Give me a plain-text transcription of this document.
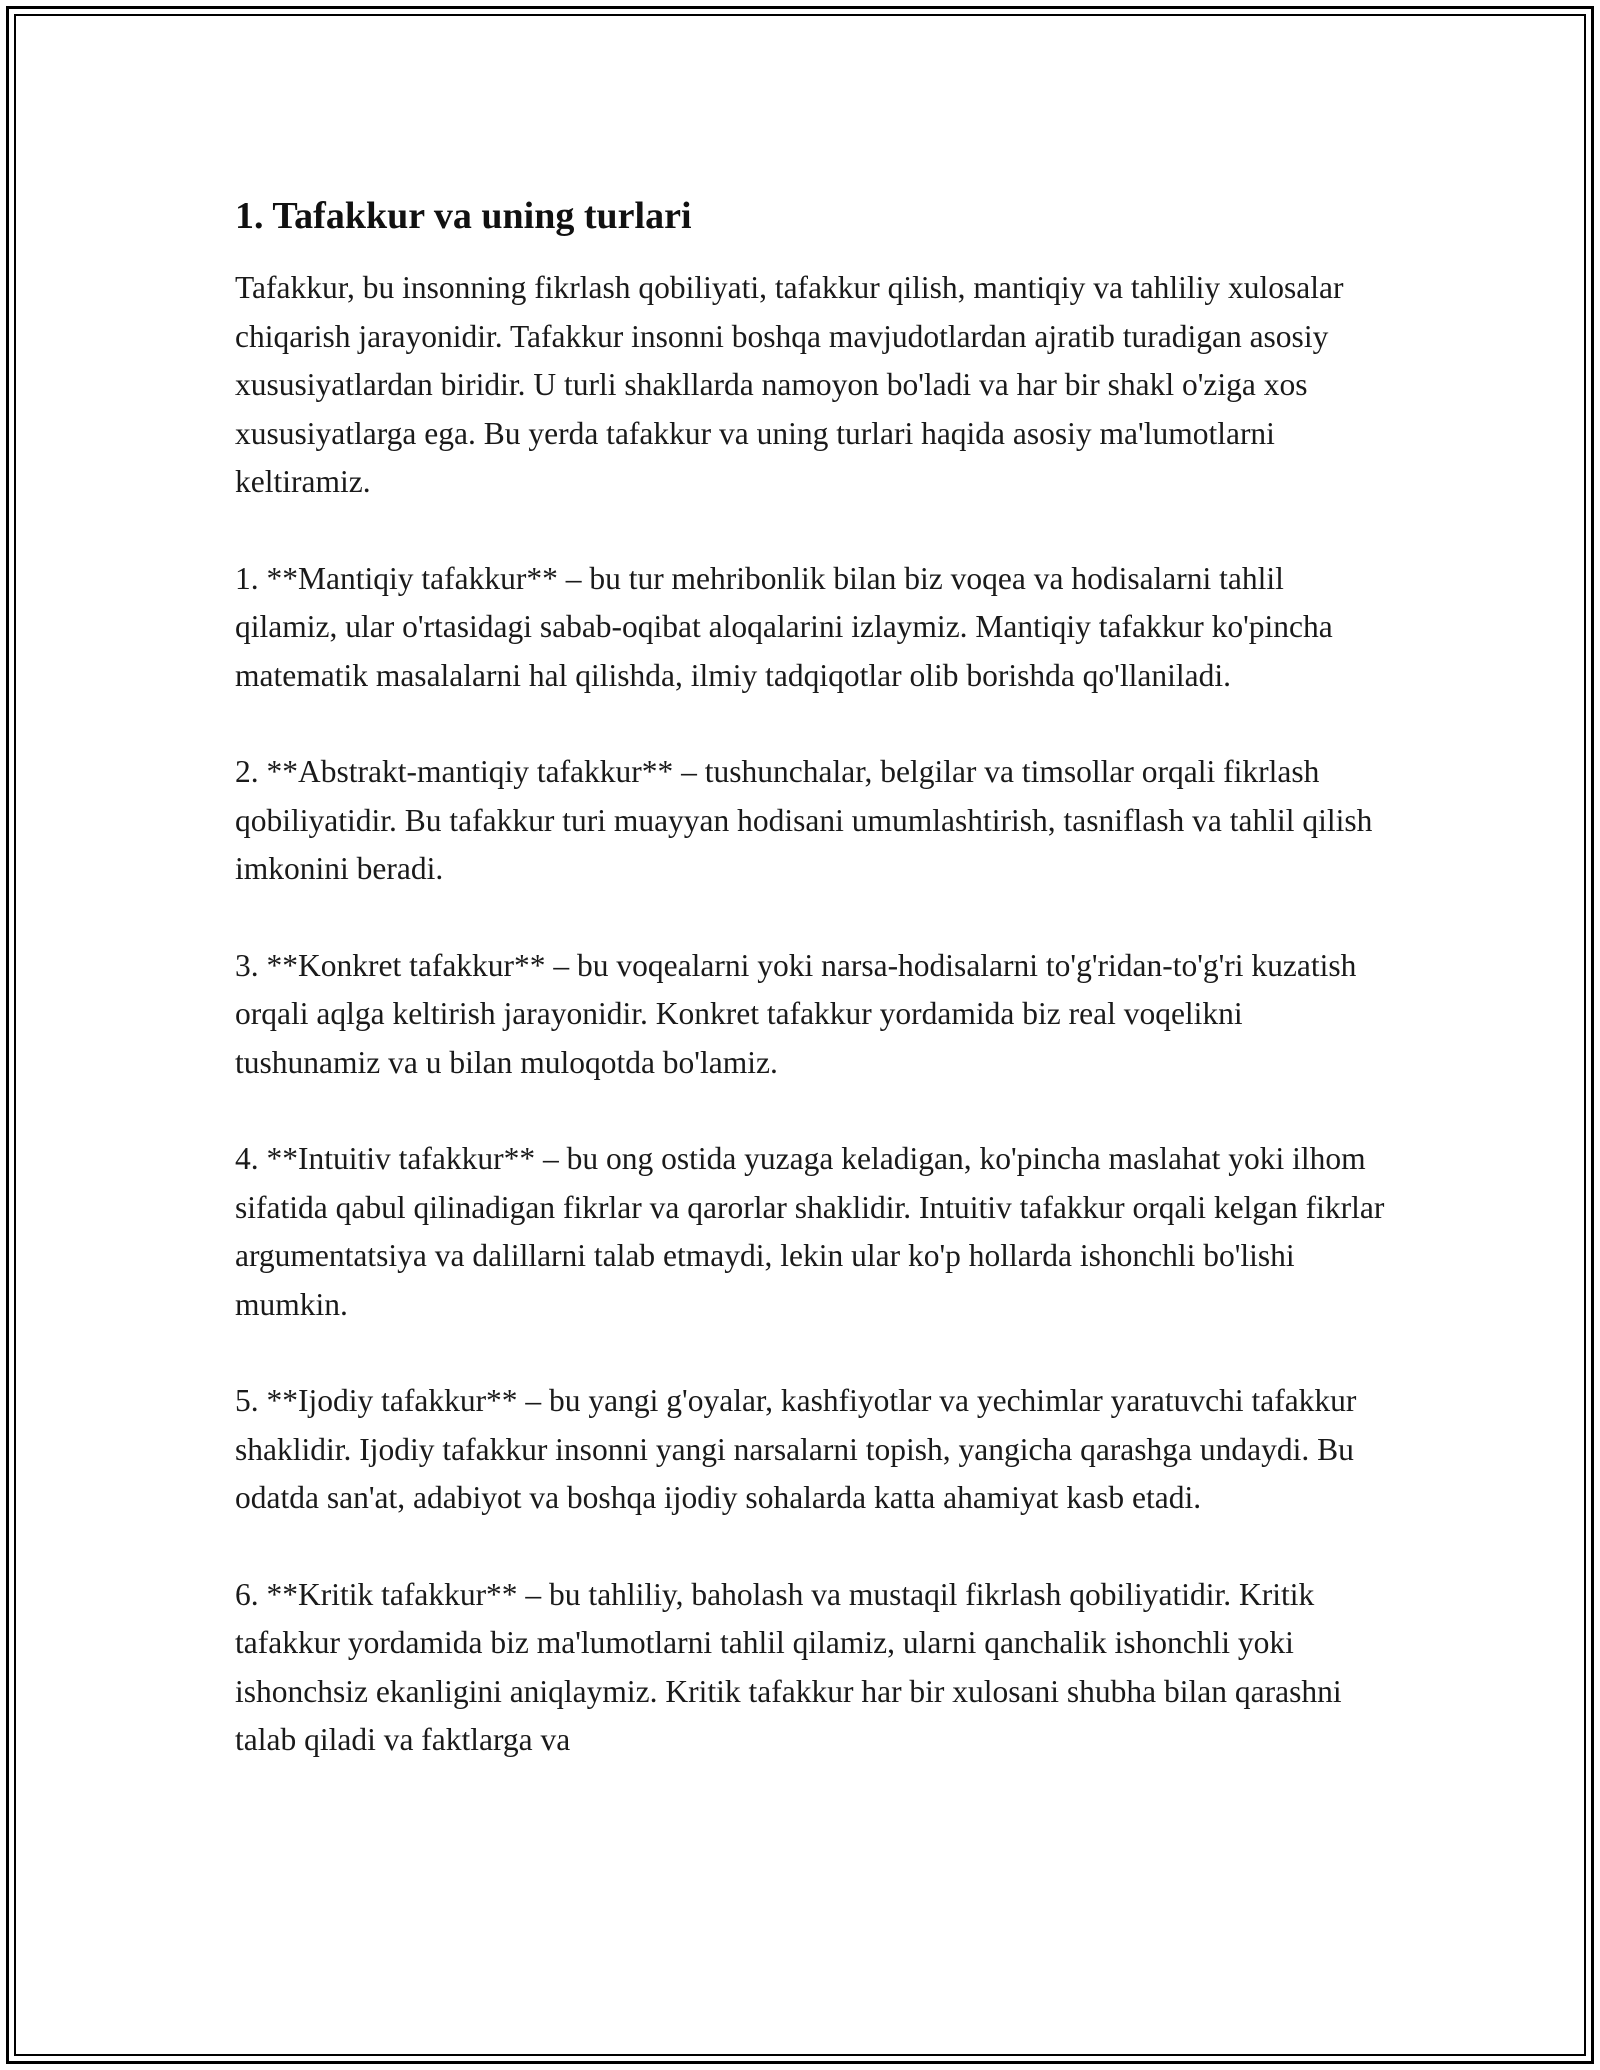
1. Tafakkur va uning turlari

Tafakkur, bu insonning fikrlash qobiliyati, tafakkur qilish, mantiqiy va tahliliy xulosalar chiqarish jarayonidir. Tafakkur insonni boshqa mavjudotlardan ajratib turadigan asosiy xususiyatlardan biridir. U turli shakllarda namoyon bo'ladi va har bir shakl o'ziga xos xususiyatlarga ega. Bu yerda tafakkur va uning turlari haqida asosiy ma'lumotlarni keltiramiz.

1. **Mantiqiy tafakkur** – bu tur mehribonlik bilan biz voqea va hodisalarni tahlil qilamiz, ular o'rtasidagi sabab-oqibat aloqalarini izlaymiz. Mantiqiy tafakkur ko'pincha matematik masalalarni hal qilishda, ilmiy tadqiqotlar olib borishda qo'llaniladi.

2. **Abstrakt-mantiqiy tafakkur** – tushunchalar, belgilar va timsollar orqali fikrlash qobiliyatidir. Bu tafakkur turi muayyan hodisani umumlashtirish, tasniflash va tahlil qilish imkonini beradi.

3. **Konkret tafakkur** – bu voqealarni yoki narsa-hodisalarni to'g'ridan-to'g'ri kuzatish orqali aqlga keltirish jarayonidir. Konkret tafakkur yordamida biz real voqelikni tushunamiz va u bilan muloqotda bo'lamiz.

4. **Intuitiv tafakkur** – bu ong ostida yuzaga keladigan, ko'pincha maslahat yoki ilhom sifatida qabul qilinadigan fikrlar va qarorlar shaklidir. Intuitiv tafakkur orqali kelgan fikrlar argumentatsiya va dalillarni talab etmaydi, lekin ular ko'p hollarda ishonchli bo'lishi mumkin.

5. **Ijodiy tafakkur** – bu yangi g'oyalar, kashfiyotlar va yechimlar yaratuvchi tafakkur shaklidir. Ijodiy tafakkur insonni yangi narsalarni topish, yangicha qarashga undaydi. Bu odatda san'at, adabiyot va boshqa ijodiy sohalarda katta ahamiyat kasb etadi.

6. **Kritik tafakkur** – bu tahliliy, baholash va mustaqil fikrlash qobiliyatidir. Kritik tafakkur yordamida biz ma'lumotlarni tahlil qilamiz, ularni qanchalik ishonchli yoki ishonchsiz ekanligini aniqlaymiz. Kritik tafakkur har bir xulosani shubha bilan qarashni talab qiladi va faktlarga va
